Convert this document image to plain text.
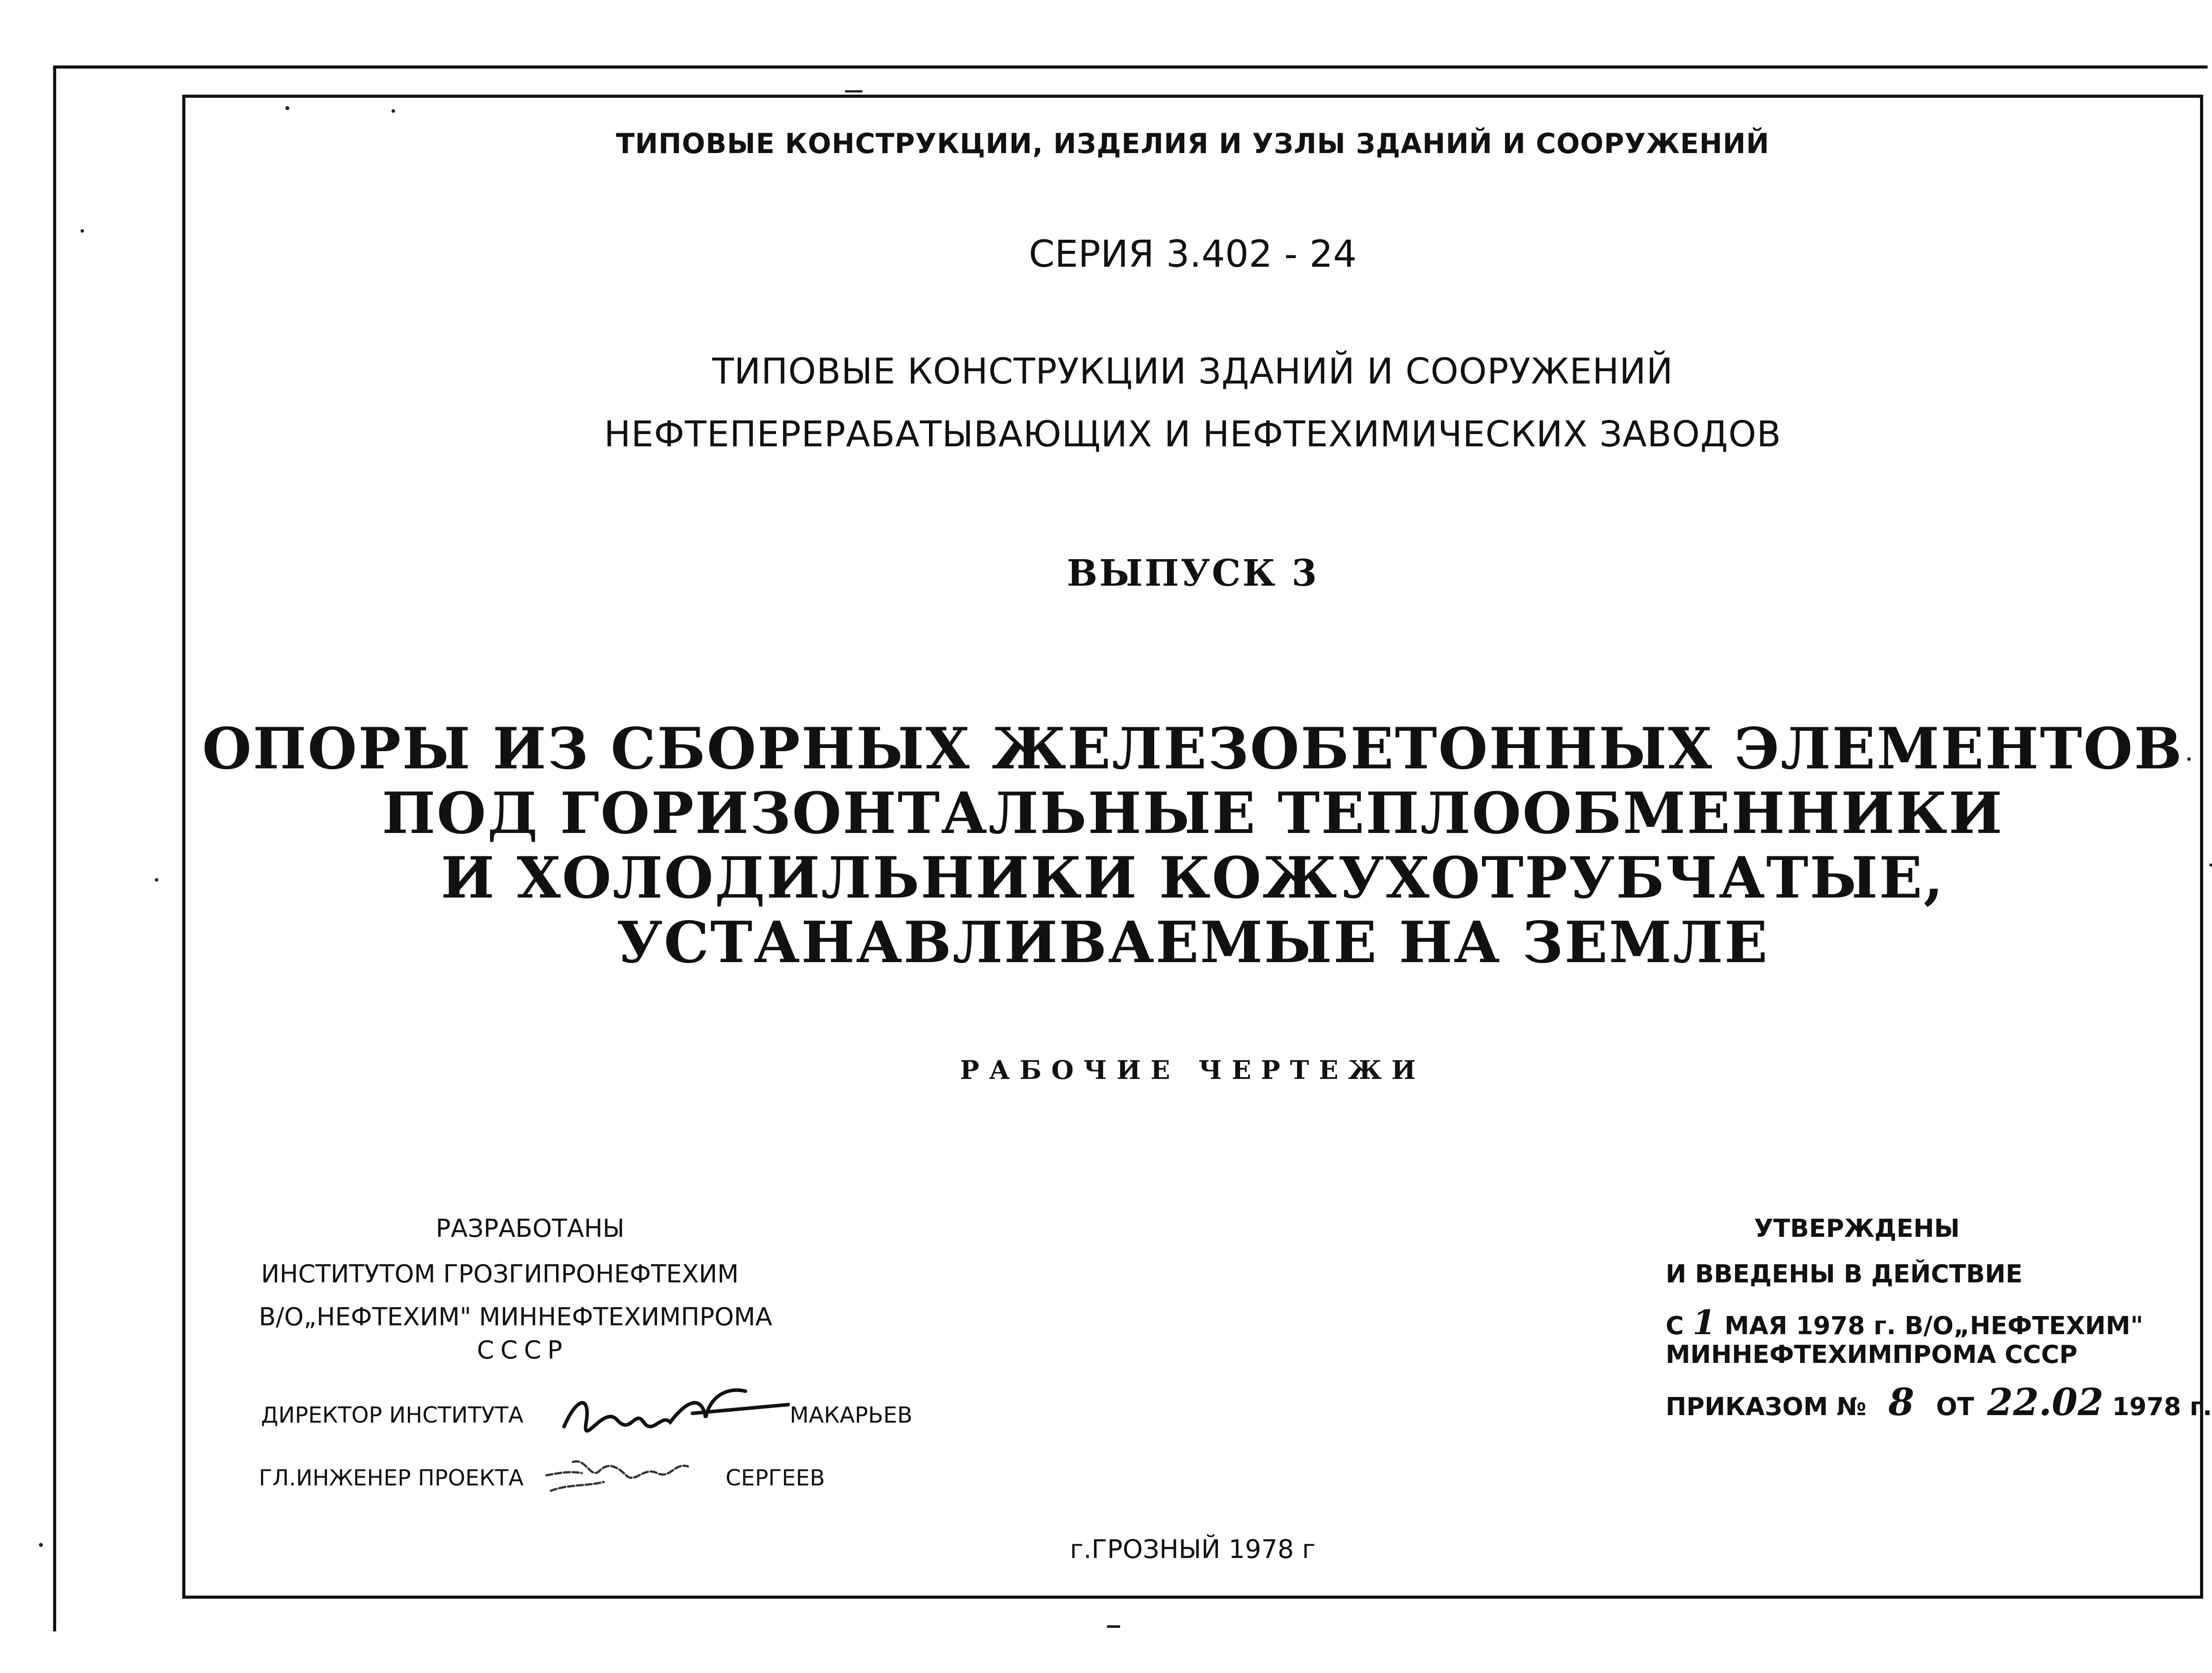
ТИПОВЫЕ КОНСТРУКЦИИ, ИЗДЕЛИЯ И УЗЛЫ ЗДАНИЙ И СООРУЖЕНИЙ
СЕРИЯ 3.402 - 24
ТИПОВЫЕ КОНСТРУКЦИИ ЗДАНИЙ И СООРУЖЕНИЙ
НЕФТЕПЕРЕРАБАТЫВАЮЩИХ И НЕФТЕХИМИЧЕСКИХ ЗАВОДОВ
ВЫПУСК 3
ОПОРЫ ИЗ СБОРНЫХ ЖЕЛЕЗОБЕТОННЫХ ЭЛЕМЕНТОВ
ПОД ГОРИЗОНТАЛЬНЫЕ ТЕПЛООБМЕННИКИ
И ХОЛОДИЛЬНИКИ КОЖУХОТРУБЧАТЫЕ,
УСТАНАВЛИВАЕМЫЕ НА ЗЕМЛЕ
РАБОЧИЕ ЧЕРТЕЖИ
РАЗРАБОТАНЫ
ИНСТИТУТОМ ГРОЗГИПРОНЕФТЕХИМ
В/О„НЕФТЕХИМ" МИННЕФТЕХИМПРОМА
СССР
ДИРЕКТОР ИНСТИТУТА	МАКАРЬЕВ
ГЛ.ИНЖЕНЕР ПРОЕКТА	СЕРГЕЕВ
УТВЕРЖДЕНЫ
И ВВЕДЕНЫ В ДЕЙСТВИЕ
С 1 МАЯ 1978 г. В/О„НЕФТЕХИМ"
МИННЕФТЕХИМПРОМА СССР
ПРИКАЗОМ № 8 ОТ 22.02 1978 г.
г.ГРОЗНЫЙ 1978 г
